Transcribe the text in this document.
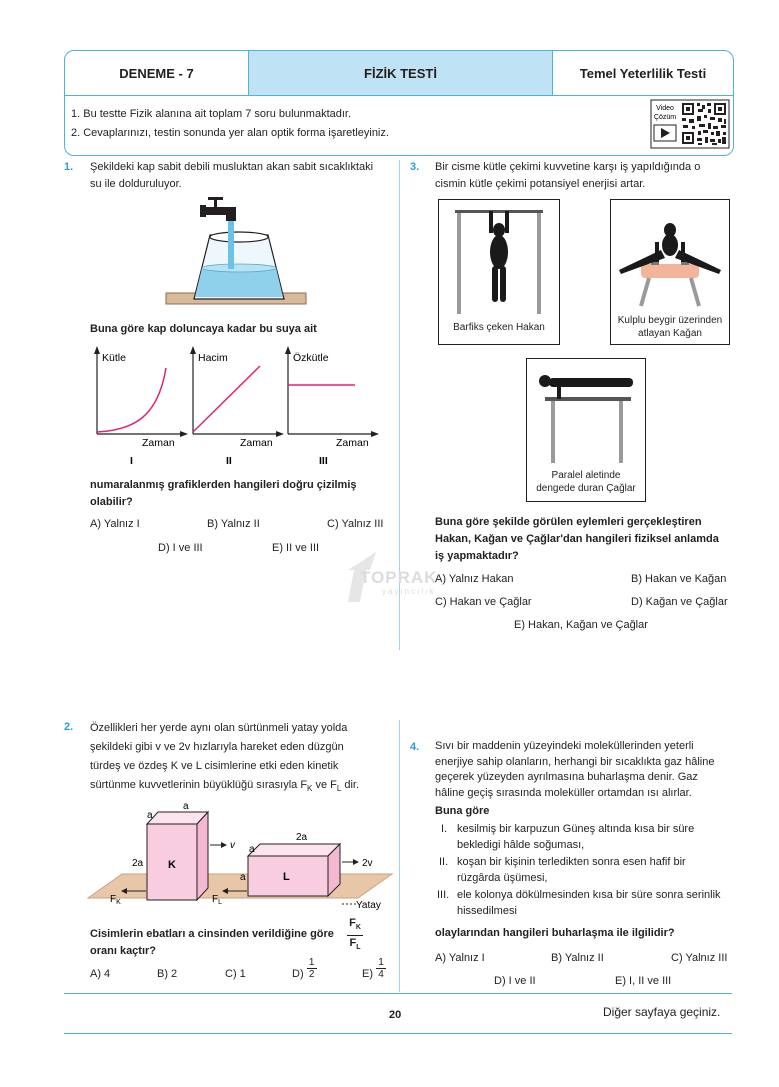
DENEME - 7	FİZİK TESTİ	Temel Yeterlilik Testi
1. Bu testte Fizik alanına ait toplam 7 soru bulunmaktadır.
2. Cevaplarınızı, testin sonunda yer alan optik forma işaretleyiniz.
Video
Çözüm
1. Şekildeki kap sabit debili musluktan akan sabit sıcaklıktaki
su ile dolduruluyor.
Buna göre kap doluncaya kadar bu suya ait
Kütle
Zaman
I
Hacim
Zaman
II
Özkütle
Zaman
III
numaralanmış grafiklerden hangileri doğru çizilmiş
olabilir?
A) Yalnız I	B) Yalnız II	C) Yalnız III
D) I ve III	E) II ve III
TOPRAK
yayıncılık
3. Bir cisme kütle çekimi kuvvetine karşı iş yapıldığında o
cismin kütle çekimi potansiyel enerjisi artar.
Barfiks çeken Hakan
Kulplu beygir üzerinden
atlayan Kağan
Paralel aletinde
dengede duran Çağlar
Buna göre şekilde görülen eylemleri gerçekleştiren
Hakan, Kağan ve Çağlar'dan hangileri fiziksel anlamda
iş yapmaktadır?
A) Yalnız Hakan	B) Hakan ve Kağan
C) Hakan ve Çağlar	D) Kağan ve Çağlar
E) Hakan, Kağan ve Çağlar
2. Özellikleri her yerde aynı olan sürtünmeli yatay yolda
şekildeki gibi v ve 2v hızlarıyla hareket eden düzgün
türdeş ve özdeş K ve L cisimlerine etki eden kinetik
sürtünme kuvvetlerinin büyüklüğü sırasıyla $F_K$ ve $F_L$ dir.
a
a
2a K
v
2a
a
a	L
2v
$F_K$	$F_L$	Yatay
Cisimlerin ebatları a cinsinden verildiğine göre $\frac{F_K}{F_L}$
oranı kaçtır?
A) 4	B) 2	C) 1	$D) \frac{1}{2}$	$E) \frac{1}{4}$
4. Sıvı bir maddenin yüzeyindeki moleküllerinden yeterli
enerjiye sahip olanların, herhangi bir sıcaklıkta gaz hâline
geçerek yüzeyden ayrılmasına buharlaşma denir. Gaz
hâline geçiş sırasında moleküller ortamdan ısı alırlar.
Buna göre
I. kesilmiş bir karpuzun Güneş altında kısa bir süre
bekledigi hâlde soğuması,
II. koşan bir kişinin terledikten sonra esen hafif bir
rüzgârda üşümesi,
III. ele kolonya dökülmesinden kısa bir süre sonra serinlik
hissedilmesi
olaylarından hangileri buharlaşma ile ilgilidir?
A) Yalnız I	B) Yalnız II	C) Yalnız III
D) I ve II	E) I, II ve III
20	Diğer sayfaya geçiniz.
